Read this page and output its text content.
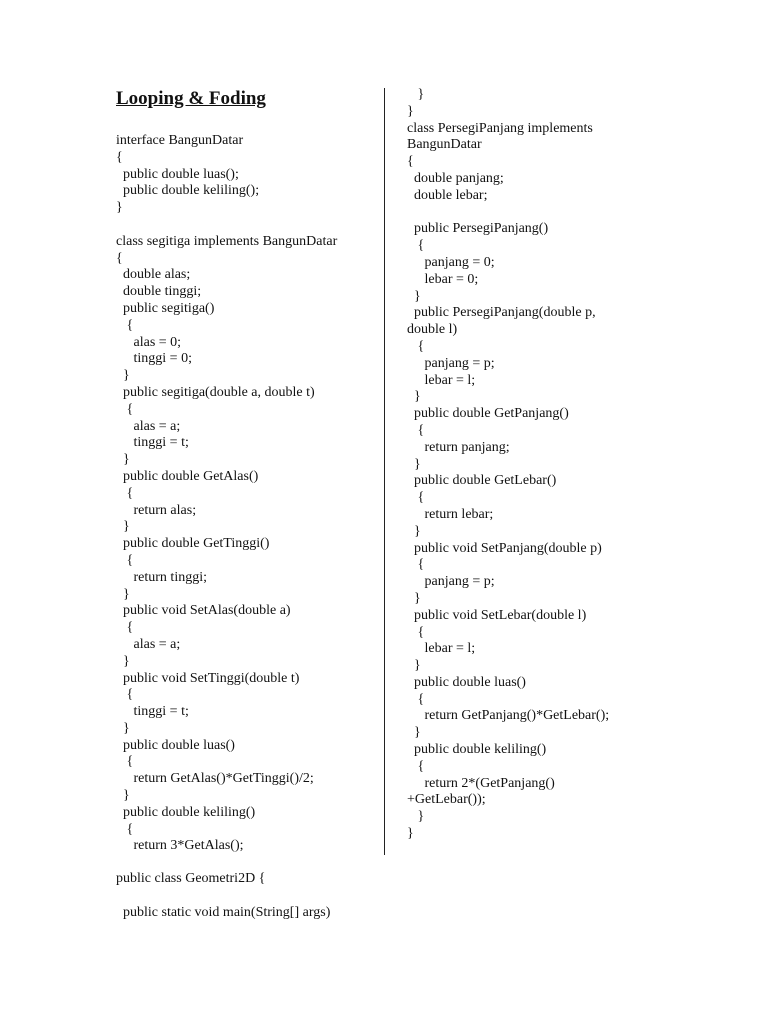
Looping & Foding
interface BangunDatar
{
public double luas();
public double keliling();
}
class segitiga implements BangunDatar
{
double alas;
double tinggi;
public segitiga()
{
alas = 0;
tinggi = 0;
}
public segitiga(double a, double t)
{
alas = a;
tinggi = t;
}
public double GetAlas()
{
return alas;
}
public double GetTinggi()
{
return tinggi;
}
public void SetAlas(double a)
{
alas = a;
}
public void SetTinggi(double t)
{
tinggi = t;
}
public double luas()
{
return GetAlas()*GetTinggi()/2;
}
public double keliling()
{
return 3*GetAlas();
}
}
class PersegiPanjang implements
BangunDatar
{
double panjang;
double lebar;
public PersegiPanjang()
{
panjang = 0;
lebar = 0;
}
public PersegiPanjang(double p,
double l)
{
panjang = p;
lebar = l;
}
public double GetPanjang()
{
return panjang;
}
public double GetLebar()
{
return lebar;
}
public void SetPanjang(double p)
{
panjang = p;
}
public void SetLebar(double l)
{
lebar = l;
}
public double luas()
{
return GetPanjang()*GetLebar();
}
public double keliling()
{
return 2*(GetPanjang()
+GetLebar());
}
}
public class Geometri2D {
public static void main(String[] args)
